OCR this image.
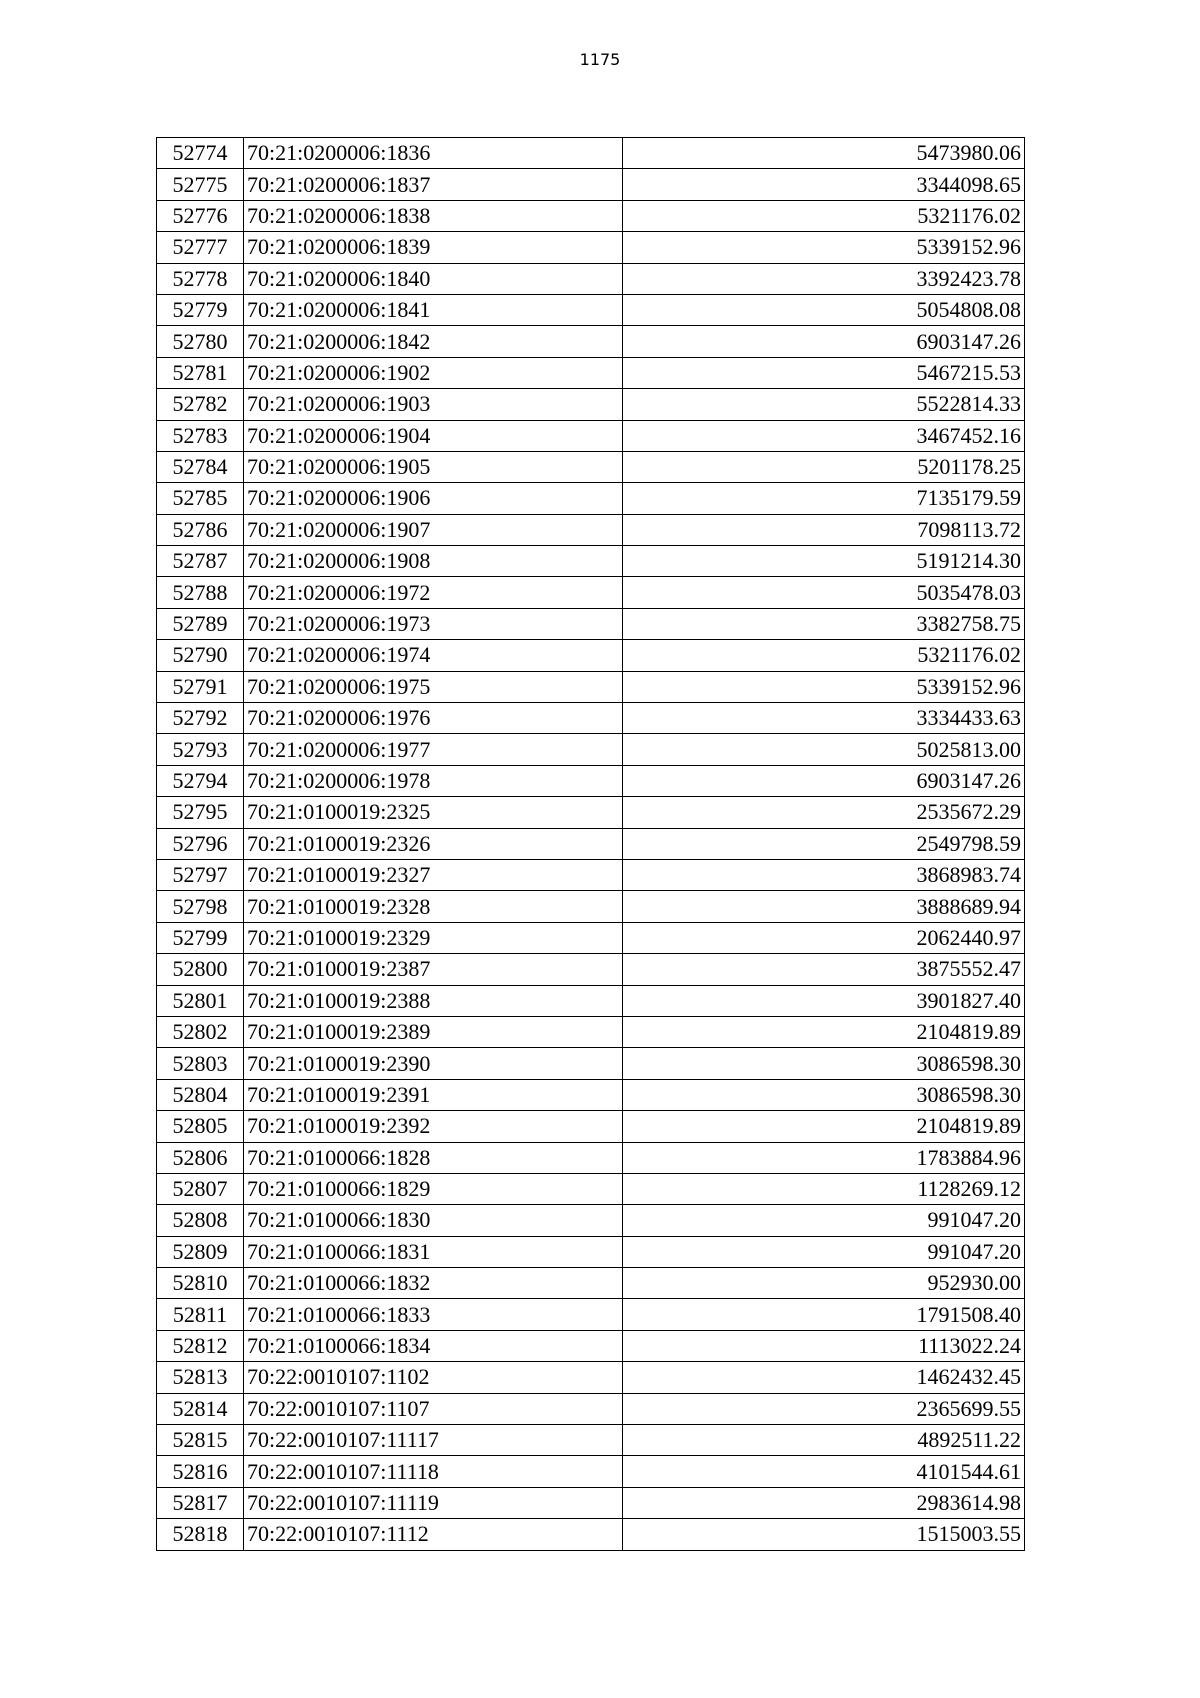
1175
52774	70:21:0200006:1836	5473980.06
52775	70:21:0200006:1837	3344098.65
52776	70:21:0200006:1838	5321176.02
52777	70:21:0200006:1839	5339152.96
52778	70:21:0200006:1840	3392423.78
52779	70:21:0200006:1841	5054808.08
52780	70:21:0200006:1842	6903147.26
52781	70:21:0200006:1902	5467215.53
52782	70:21:0200006:1903	5522814.33
52783	70:21:0200006:1904	3467452.16
52784	70:21:0200006:1905	5201178.25
52785	70:21:0200006:1906	7135179.59
52786	70:21:0200006:1907	7098113.72
52787	70:21:0200006:1908	5191214.30
52788	70:21:0200006:1972	5035478.03
52789	70:21:0200006:1973	3382758.75
52790	70:21:0200006:1974	5321176.02
52791	70:21:0200006:1975	5339152.96
52792	70:21:0200006:1976	3334433.63
52793	70:21:0200006:1977	5025813.00
52794	70:21:0200006:1978	6903147.26
52795	70:21:0100019:2325	2535672.29
52796	70:21:0100019:2326	2549798.59
52797	70:21:0100019:2327	3868983.74
52798	70:21:0100019:2328	3888689.94
52799	70:21:0100019:2329	2062440.97
52800	70:21:0100019:2387	3875552.47
52801	70:21:0100019:2388	3901827.40
52802	70:21:0100019:2389	2104819.89
52803	70:21:0100019:2390	3086598.30
52804	70:21:0100019:2391	3086598.30
52805	70:21:0100019:2392	2104819.89
52806	70:21:0100066:1828	1783884.96
52807	70:21:0100066:1829	1128269.12
52808	70:21:0100066:1830	991047.20
52809	70:21:0100066:1831	991047.20
52810	70:21:0100066:1832	952930.00
52811	70:21:0100066:1833	1791508.40
52812	70:21:0100066:1834	1113022.24
52813	70:22:0010107:1102	1462432.45
52814	70:22:0010107:1107	2365699.55
52815	70:22:0010107:11117	4892511.22
52816	70:22:0010107:11118	4101544.61
52817	70:22:0010107:11119	2983614.98
52818	70:22:0010107:1112	1515003.55
